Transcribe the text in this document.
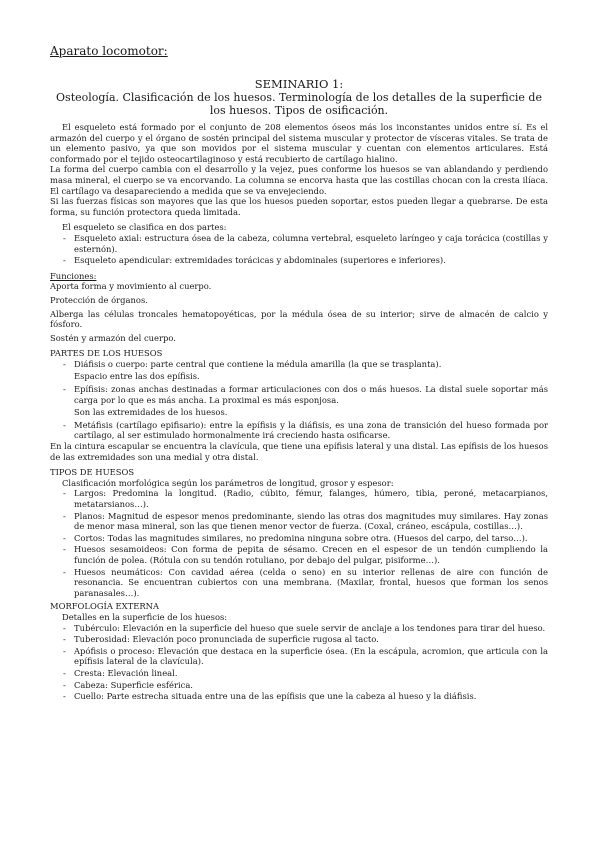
Aparato locomotor:
SEMINARIO 1:
Osteología. Clasificación de los huesos. Terminología de los detalles de la superficie de los huesos. Tipos de osificación.

El esqueleto está formado por el conjunto de 208 elementos óseos más los inconstantes unidos entre sí. Es el armazón del cuerpo y el órgano de sostén principal del sistema muscular y protector de vísceras vitales. Se trata de un elemento pasivo, ya que son movidos por el sistema muscular y cuentan con elementos articulares. Está conformado por el tejido osteocartilaginoso y está recubierto de cartílago hialino.

La forma del cuerpo cambia con el desarrollo y la vejez, pues conforme los huesos se van ablandando y perdiendo masa mineral, el cuerpo se va encorvando. La columna se encorva hasta que las costillas chocan con la cresta ilíaca. El cartílago va desapareciendo a medida que se va envejeciendo.

Si las fuerzas físicas son mayores que las que los huesos pueden soportar, estos pueden llegar a quebrarse. De esta forma, su función protectora queda limitada.

El esqueleto se clasifica en dos partes:

- Esqueleto axial: estructura ósea de la cabeza, columna vertebral, esqueleto laríngeo y caja torácica (costillas y esternón).
- Esqueleto apendicular: extremidades torácicas y abdominales (superiores e inferiores).

Funciones:

Aporta forma y movimiento al cuerpo.

Protección de órganos.

Alberga las células troncales hematopoyéticas, por la médula ósea de su interior; sirve de almacén de calcio y fósforo.

Sostén y armazón del cuerpo.

PARTES DE LOS HUESOS

- Diáfisis o cuerpo: parte central que contiene la médula amarilla (la que se trasplanta).
Espacio entre las dos epífisis.
- Epífisis: zonas anchas destinadas a formar articulaciones con dos o más huesos. La distal suele soportar más carga por lo que es más ancha. La proximal es más esponjosa.
Son las extremidades de los huesos.
- Metáfisis (cartílago epifisario): entre la epífisis y la diáfisis, es una zona de transición del hueso formada por cartílago, al ser estimulado hormonalmente irá creciendo hasta osificarse.

En la cintura escapular se encuentra la clavícula, que tiene una epífisis lateral y una distal. Las epífisis de los huesos de las extremidades son una medial y otra distal.

TIPOS DE HUESOS

Clasificación morfológica según los parámetros de longitud, grosor y espesor:

- Largos: Predomina la longitud. (Radio, cúbito, fémur, falanges, húmero, tibia, peroné, metacarpianos, metatarsianos…).
- Planos: Magnitud de espesor menos predominante, siendo las otras dos magnitudes muy similares. Hay zonas de menor masa mineral, son las que tienen menor vector de fuerza. (Coxal, cráneo, escápula, costillas…).
- Cortos: Todas las magnitudes similares, no predomina ninguna sobre otra. (Huesos del carpo, del tarso…).
- Huesos sesamoideos: Con forma de pepita de sésamo. Crecen en el espesor de un tendón cumpliendo la función de polea. (Rótula con su tendón rotuliano, por debajo del pulgar, pisiforme…).
- Huesos neumáticos: Con cavidad aérea (celda o seno) en su interior rellenas de aire con función de resonancia. Se encuentran cubiertos con una membrana. (Maxilar, frontal, huesos que forman los senos paranasales…).

MORFOLOGÍA EXTERNA

Detalles en la superficie de los huesos:

- Tubérculo: Elevación en la superficie del hueso que suele servir de anclaje a los tendones para tirar del hueso.
- Tuberosidad: Elevación poco pronunciada de superficie rugosa al tacto.
- Apófisis o proceso: Elevación que destaca en la superficie ósea. (En la escápula, acromion, que articula con la epífisis lateral de la clavícula).
- Cresta: Elevación lineal.
- Cabeza: Superficie esférica.
- Cuello: Parte estrecha situada entre una de las epífisis que une la cabeza al hueso y la diáfisis.
